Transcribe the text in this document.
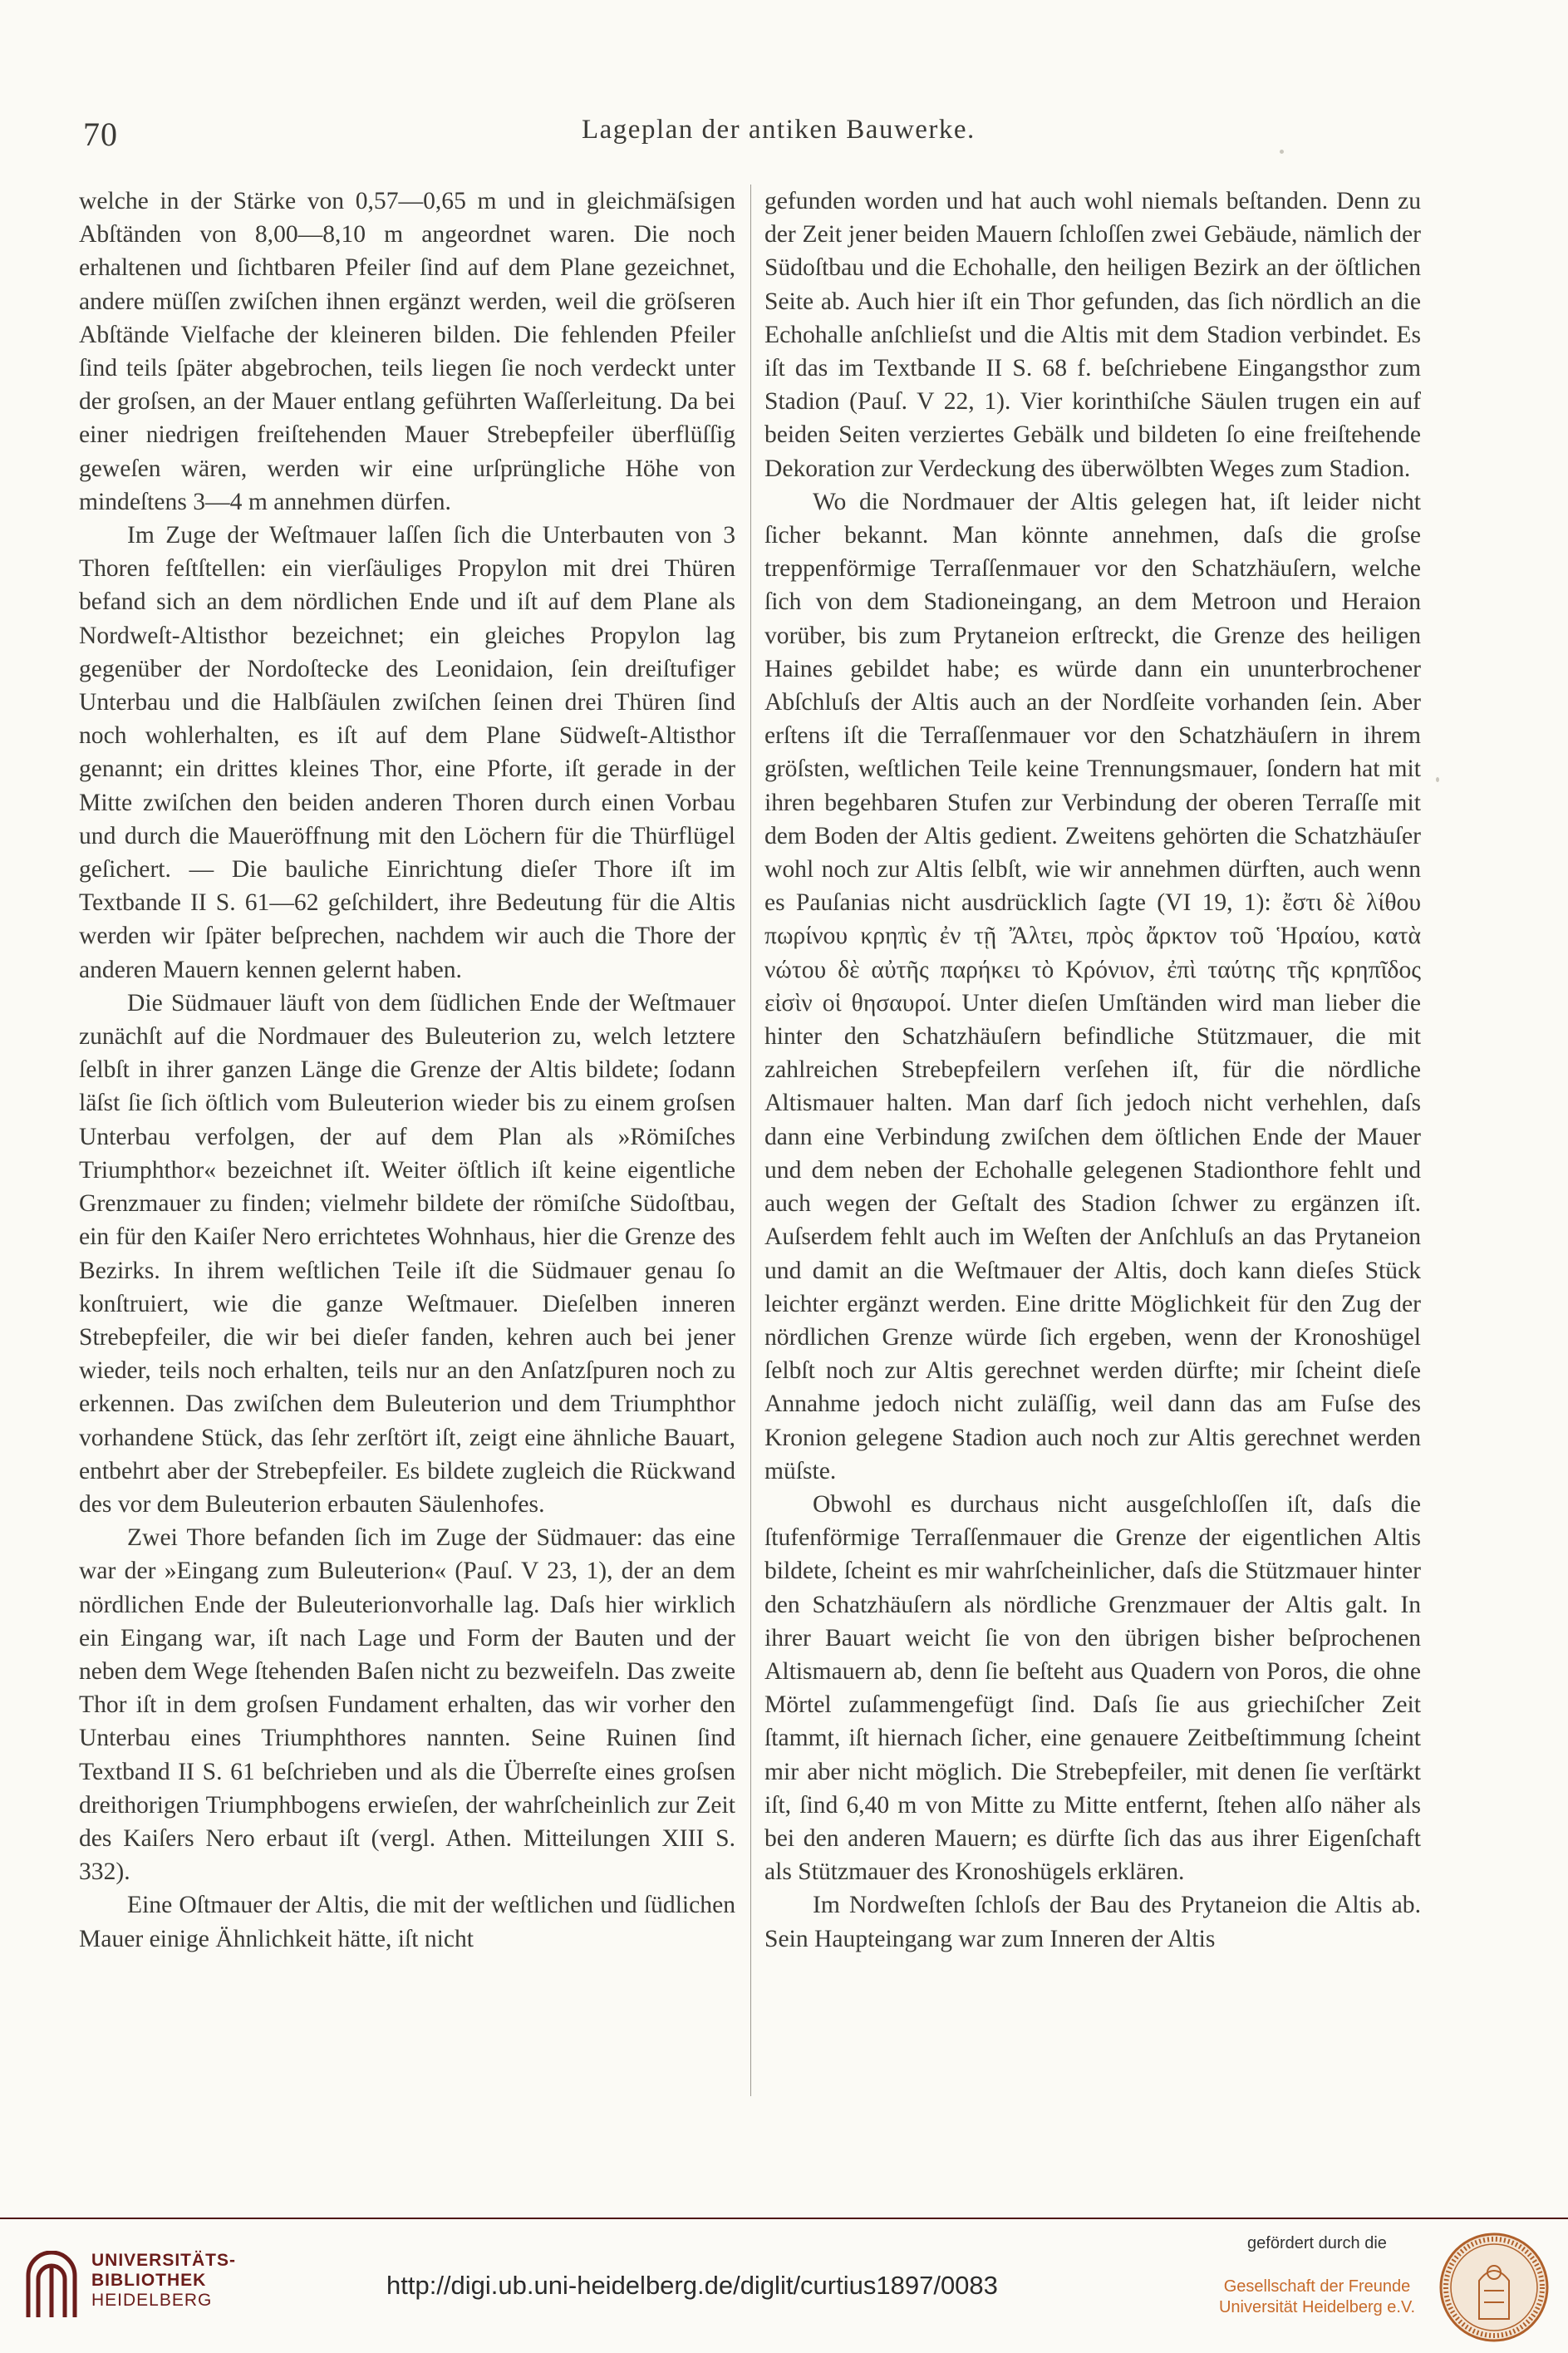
70	Lageplan der antiken Bauwerke.

welche in der Stärke von 0,57—0,65 m und in gleichmäſsigen Abſtänden von 8,00—8,10 m angeordnet waren. Die noch erhaltenen und ſichtbaren Pfeiler ſind auf dem Plane gezeichnet, andere müſſen zwiſchen ihnen ergänzt werden, weil die gröſseren Abſtände Vielfache der kleineren bilden. Die fehlenden Pfeiler ſind teils ſpäter abgebrochen, teils liegen ſie noch verdeckt unter der groſsen, an der Mauer entlang geführten Waſſerleitung. Da bei einer niedrigen freiſtehenden Mauer Strebepfeiler überflüſſig geweſen wären, werden wir eine urſprüngliche Höhe von mindeſtens 3—4 m annehmen dürfen.

Im Zuge der Weſtmauer laſſen ſich die Unterbauten von 3 Thoren feſtſtellen: ein vierſäuliges Propylon mit drei Thüren befand sich an dem nördlichen Ende und iſt auf dem Plane als Nordweſt-Altisthor bezeichnet; ein gleiches Propylon lag gegenüber der Nordoſtecke des Leonidaion, ſein dreiſtufiger Unterbau und die Halbſäulen zwiſchen ſeinen drei Thüren ſind noch wohlerhalten, es iſt auf dem Plane Südweſt-Altisthor genannt; ein drittes kleines Thor, eine Pforte, iſt gerade in der Mitte zwiſchen den beiden anderen Thoren durch einen Vorbau und durch die Maueröffnung mit den Löchern für die Thürflügel geſichert. — Die bauliche Einrichtung dieſer Thore iſt im Textbande II S. 61—62 geſchildert, ihre Bedeutung für die Altis werden wir ſpäter beſprechen, nachdem wir auch die Thore der anderen Mauern kennen gelernt haben.

Die Südmauer läuft von dem ſüdlichen Ende der Weſtmauer zunächſt auf die Nordmauer des Buleuterion zu, welch letztere ſelbſt in ihrer ganzen Länge die Grenze der Altis bildete; ſodann läſst ſie ſich öſtlich vom Buleuterion wieder bis zu einem groſsen Unterbau verfolgen, der auf dem Plan als »Römiſches Triumphthor« bezeichnet iſt. Weiter öſtlich iſt keine eigentliche Grenzmauer zu finden; vielmehr bildete der römiſche Südoſtbau, ein für den Kaiſer Nero errichtetes Wohnhaus, hier die Grenze des Bezirks. In ihrem weſtlichen Teile iſt die Südmauer genau ſo konſtruiert, wie die ganze Weſtmauer. Dieſelben inneren Strebepfeiler, die wir bei dieſer fanden, kehren auch bei jener wieder, teils noch erhalten, teils nur an den Anſatzſpuren noch zu erkennen. Das zwiſchen dem Buleuterion und dem Triumphthor vorhandene Stück, das ſehr zerſtört iſt, zeigt eine ähnliche Bauart, entbehrt aber der Strebepfeiler. Es bildete zugleich die Rückwand des vor dem Buleuterion erbauten Säulenhofes.

Zwei Thore befanden ſich im Zuge der Südmauer: das eine war der »Eingang zum Buleuterion« (Pauſ. V 23, 1), der an dem nördlichen Ende der Buleuterionvorhalle lag. Daſs hier wirklich ein Eingang war, iſt nach Lage und Form der Bauten und der neben dem Wege ſtehenden Baſen nicht zu bezweifeln. Das zweite Thor iſt in dem groſsen Fundament erhalten, das wir vorher den Unterbau eines Triumphthores nannten. Seine Ruinen ſind Textband II S. 61 beſchrieben und als die Überreſte eines groſsen dreithorigen Triumphbogens erwieſen, der wahrſcheinlich zur Zeit des Kaiſers Nero erbaut iſt (vergl. Athen. Mitteilungen XIII S. 332).

Eine Oſtmauer der Altis, die mit der weſtlichen und ſüdlichen Mauer einige Ähnlichkeit hätte, iſt nicht

gefunden worden und hat auch wohl niemals beſtanden. Denn zu der Zeit jener beiden Mauern ſchloſſen zwei Gebäude, nämlich der Südoſtbau und die Echohalle, den heiligen Bezirk an der öſtlichen Seite ab. Auch hier iſt ein Thor gefunden, das ſich nördlich an die Echohalle anſchlieſst und die Altis mit dem Stadion verbindet. Es iſt das im Textbande II S. 68 f. beſchriebene Eingangsthor zum Stadion (Pauſ. V 22, 1). Vier korinthiſche Säulen trugen ein auf beiden Seiten verziertes Gebälk und bildeten ſo eine freiſtehende Dekoration zur Verdeckung des überwölbten Weges zum Stadion.

Wo die Nordmauer der Altis gelegen hat, iſt leider nicht ſicher bekannt. Man könnte annehmen, daſs die groſse treppenförmige Terraſſenmauer vor den Schatzhäuſern, welche ſich von dem Stadioneingang, an dem Metroon und Heraion vorüber, bis zum Prytaneion erſtreckt, die Grenze des heiligen Haines gebildet habe; es würde dann ein ununterbrochener Abſchluſs der Altis auch an der Nordſeite vorhanden ſein. Aber erſtens iſt die Terraſſenmauer vor den Schatzhäuſern in ihrem gröſsten, weſtlichen Teile keine Trennungsmauer, ſondern hat mit ihren begehbaren Stufen zur Verbindung der oberen Terraſſe mit dem Boden der Altis gedient. Zweitens gehörten die Schatzhäuſer wohl noch zur Altis ſelbſt, wie wir annehmen dürften, auch wenn es Pauſanias nicht ausdrücklich ſagte (VI 19, 1): ἔστι δὲ λίθου πωρίνου κρηπὶς ἐν τῇ Ἄλτει, πρὸς ἄρκτον τοῦ Ἡραίου, κατὰ νώτου δὲ αὐτῆς παρήκει τὸ Κρόνιον, ἐπὶ ταύτης τῆς κρηπῖδος εἰσὶν οἱ θησαυροί. Unter dieſen Umſtänden wird man lieber die hinter den Schatzhäuſern befindliche Stützmauer, die mit zahlreichen Strebepfeilern verſehen iſt, für die nördliche Altismauer halten. Man darf ſich jedoch nicht verhehlen, daſs dann eine Verbindung zwiſchen dem öſtlichen Ende der Mauer und dem neben der Echohalle gelegenen Stadionthore fehlt und auch wegen der Geſtalt des Stadion ſchwer zu ergänzen iſt. Auſserdem fehlt auch im Weſten der Anſchluſs an das Prytaneion und damit an die Weſtmauer der Altis, doch kann dieſes Stück leichter ergänzt werden. Eine dritte Möglichkeit für den Zug der nördlichen Grenze würde ſich ergeben, wenn der Kronoshügel ſelbſt noch zur Altis gerechnet werden dürfte; mir ſcheint dieſe Annahme jedoch nicht zuläſſig, weil dann das am Fuſse des Kronion gelegene Stadion auch noch zur Altis gerechnet werden müſste.

Obwohl es durchaus nicht ausgeſchloſſen iſt, daſs die ſtufenförmige Terraſſenmauer die Grenze der eigentlichen Altis bildete, ſcheint es mir wahrſcheinlicher, daſs die Stützmauer hinter den Schatzhäuſern als nördliche Grenzmauer der Altis galt. In ihrer Bauart weicht ſie von den übrigen bisher beſprochenen Altismauern ab, denn ſie beſteht aus Quadern von Poros, die ohne Mörtel zuſammengefügt ſind. Daſs ſie aus griechiſcher Zeit ſtammt, iſt hiernach ſicher, eine genauere Zeitbeſtimmung ſcheint mir aber nicht möglich. Die Strebepfeiler, mit denen ſie verſtärkt iſt, ſind 6,40 m von Mitte zu Mitte entfernt, ſtehen alſo näher als bei den anderen Mauern; es dürfte ſich das aus ihrer Eigenſchaft als Stützmauer des Kronoshügels erklären.

Im Nordweſten ſchloſs der Bau des Prytaneion die Altis ab. Sein Haupteingang war zum Inneren der Altis

UNIVERSITÄTS-
BIBLIOTHEK
HEIDELBERG
http://digi.ub.uni-heidelberg.de/diglit/curtius1897/0083
gefördert durch die
Gesellschaft der Freunde
Universität Heidelberg e.V.
